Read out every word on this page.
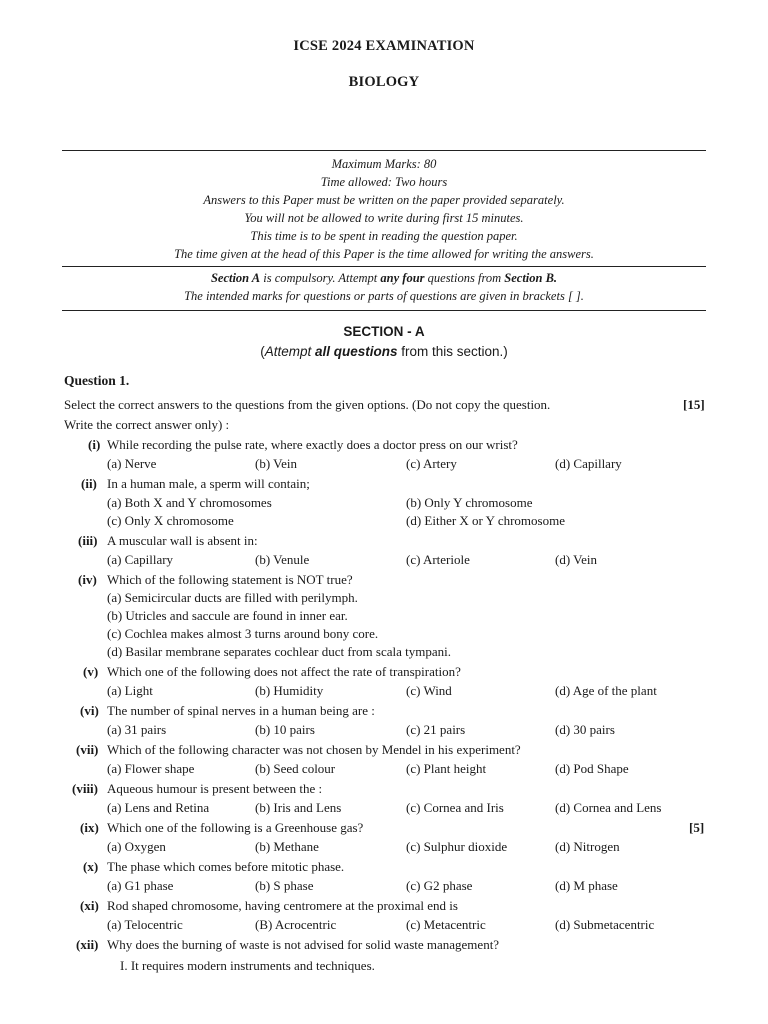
ICSE 2024 EXAMINATION
BIOLOGY
Maximum Marks: 80
Time allowed: Two hours
Answers to this Paper must be written on the paper provided separately.
You will not be allowed to write during first 15 minutes.
This time is to be spent in reading the question paper.
The time given at the head of this Paper is the time allowed for writing the answers.
Section A is compulsory. Attempt any four questions from Section B.
The intended marks for questions or parts of questions are given in brackets [ ].
SECTION - A
(Attempt all questions from this section.)
Question 1.
Select the correct answers to the questions from the given options. (Do not copy the question.	[15]
Write the correct answer only) :
(i) While recording the pulse rate, where exactly does a doctor press on our wrist?
(a) Nerve	(b) Vein	(c) Artery	(d) Capillary
(ii) In a human male, a sperm will contain;
(a) Both X and Y chromosomes	(b) Only Y chromosome
(c) Only X chromosome	(d) Either X or Y chromosome
(iii) A muscular wall is absent in:
(a) Capillary	(b) Venule	(c) Arteriole	(d) Vein
(iv) Which of the following statement is NOT true?
(a) Semicircular ducts are filled with perilymph.
(b) Utricles and saccule are found in inner ear.
(c) Cochlea makes almost 3 turns around bony core.
(d) Basilar membrane separates cochlear duct from scala tympani.
(v) Which one of the following does not affect the rate of transpiration?
(a) Light	(b) Humidity	(c) Wind	(d) Age of the plant
(vi) The number of spinal nerves in a human being are :
(a) 31 pairs	(b) 10 pairs	(c) 21 pairs	(d) 30 pairs
(vii) Which of the following character was not chosen by Mendel in his experiment?
(a) Flower shape	(b) Seed colour	(c) Plant height	(d) Pod Shape
(viii) Aqueous humour is present between the :
(a) Lens and Retina	(b) Iris and Lens	(c) Cornea and Iris	(d) Cornea and Lens
(ix) Which one of the following is a Greenhouse gas?	[5]
(a) Oxygen	(b) Methane	(c) Sulphur dioxide	(d) Nitrogen
(x) The phase which comes before mitotic phase.
(a) G1 phase	(b) S phase	(c) G2 phase	(d) M phase
(xi) Rod shaped chromosome, having centromere at the proximal end is
(a) Telocentric	(B) Acrocentric	(c) Metacentric	(d) Submetacentric
(xii) Why does the burning of waste is not advised for solid waste management?
I. It requires modern instruments and techniques.
